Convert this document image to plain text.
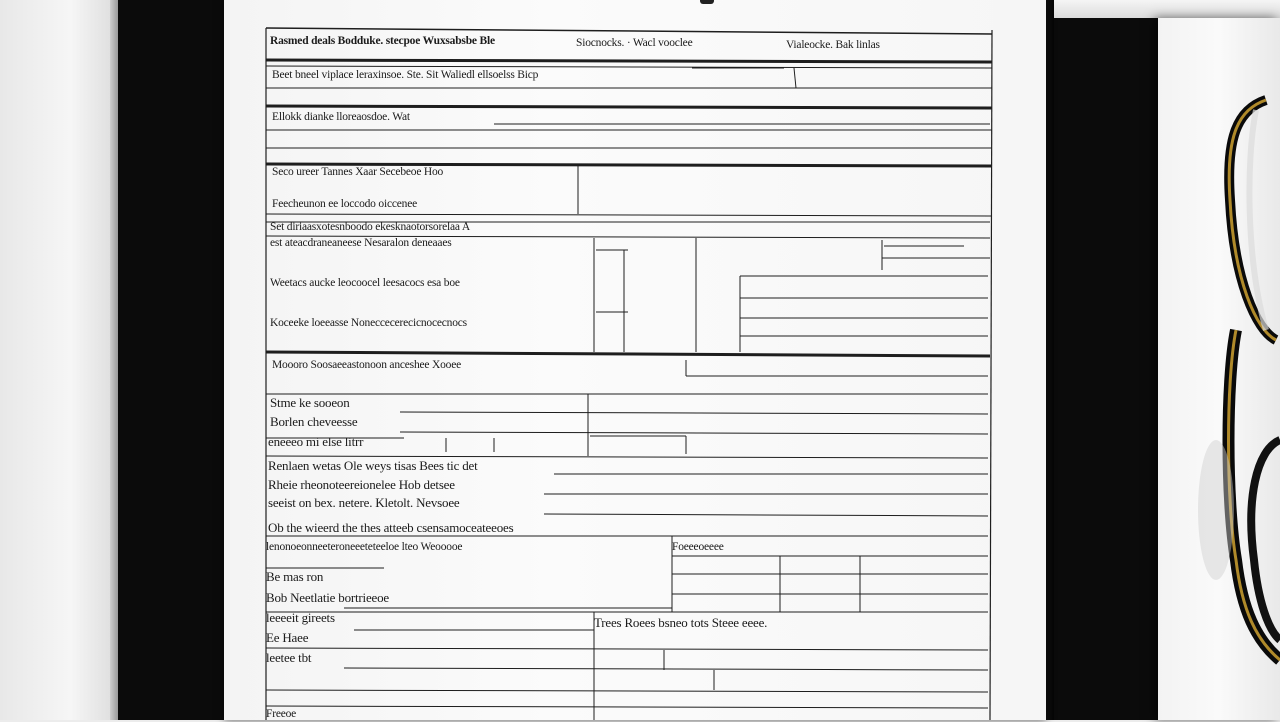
Rasmed deals Bodduke. stecpoe Wuxsabsbe Ble	Siocnocks. · Wacl vooclee	Vialeocke. Bak linlas
Beet bneel viplace leraxinsoe. Ste. Sit Waliedl ellsoelss Bicp
Ellokk dianke lloreaosdoe. Wat
Seco ureer Tannes Xaar Secebeoe Hoo
Feecheunon ee loccodo oiccenee
Set diriaasxotesnboodo ekesknaotorsorelaa A
est ateacdraneaneese Nesaralon deneaaes
Weetacs aucke leocoocel leesacocs esa boe
Koceeke loeeasse Noneccecerecicnocecnocs
Moooro Soosaeeastonoon anceshee Xooee
Stme ke sooeon
Borlen cheveesse
eneeeo mi else litrr
Renlaen wetas Ole weys tisas Bees tic det
Rheie rheonoteereionelee Hob detsee
seeist on bex. netere. Kletolt. Nevsoee
Ob the wieerd the thes atteeb csensamoceateeoes
lenonoeonneeteroneeeteteeloe lteo Weooooe	Foeeeoeeee
Be mas ron
Bob Neetlatie bortrieeoe
leeeeit gireets	Trees Roees bsneo tots Steee eeee.
Ee Haee
leetee tbt
Freeoe
